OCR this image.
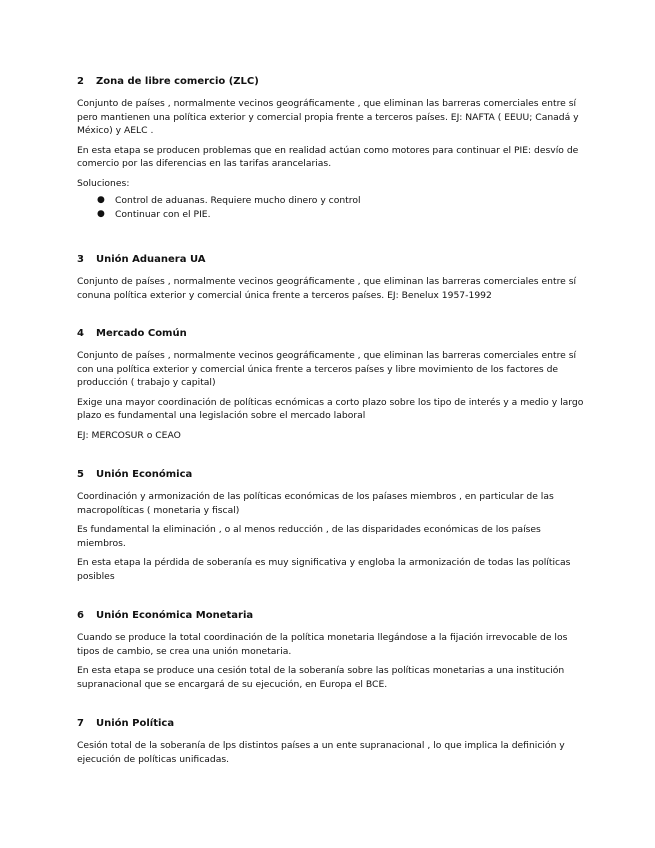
2 Zona de libre comercio (ZLC)

Conjunto de países , normalmente vecinos geográficamente , que eliminan las barreras comerciales entre sí pero mantienen una política exterior y comercial propia frente a terceros países. EJ: NAFTA ( EEUU; Canadá y México) y AELC .

En esta etapa se producen problemas que en realidad actúan como motores para continuar el PIE: desvío de comercio por las diferencias en las tarifas arancelarias.

Soluciones:

● Control de aduanas. Requiere mucho dinero y control
● Continuar con el PIE.
3 Unión Aduanera UA

Conjunto de países , normalmente vecinos geográficamente , que eliminan las barreras comerciales entre sí conuna política exterior y comercial única frente a terceros países. EJ: Benelux 1957-1992

4 Mercado Común

Conjunto de países , normalmente vecinos geográficamente , que eliminan las barreras comerciales entre sí con una política exterior y comercial única frente a terceros países y libre movimiento de los factores de producción ( trabajo y capital)

Exige una mayor coordinación de políticas ecnómicas a corto plazo sobre los tipo de interés y a medio y largo plazo es fundamental una legislación sobre el mercado laboral

EJ: MERCOSUR o CEAO

5 Unión Económica

Coordinación y armonización de las políticas económicas de los paíases miembros , en particular de las macropolíticas ( monetaria y fiscal)

Es fundamental la eliminación , o al menos reducción , de las disparidades económicas de los países miembros.

En esta etapa la pérdida de soberanía es muy significativa y engloba la armonización de todas las políticas posibles

6 Unión Económica Monetaria

Cuando se produce la total coordinación de la política monetaria llegándose a la fijación irrevocable de los tipos de cambio, se crea una unión monetaria.

En esta etapa se produce una cesión total de la soberanía sobre las políticas monetarias a una institución supranacional que se encargará de su ejecución, en Europa el BCE.

7 Unión Política

Cesión total de la soberanía de lps distintos países a un ente supranacional , lo que implica la definición y ejecución de políticas unificadas.
